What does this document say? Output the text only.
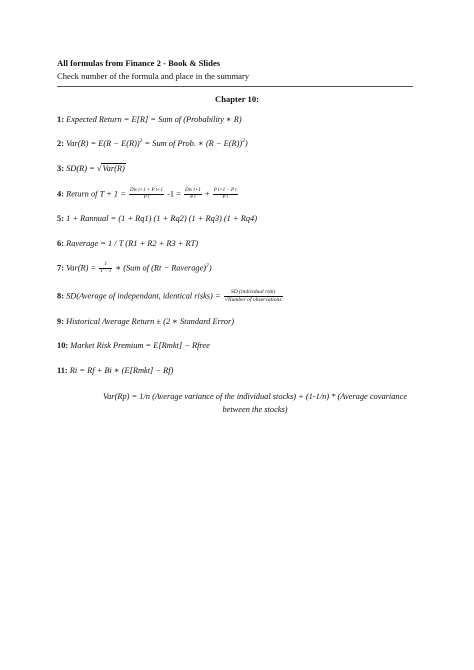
All formulas from Finance 2 - Book & Slides
Check number of the formula and place in the summary
Chapter 10:
1: Expected Return = E[R] = Sum of (Probability ∗ R)
2: $Var(R) = E(R - E(R))^2$ = Sum of Prob. ∗ $(R - E(R))^2$)
3: SD(R) = √Var(R)
4: Return of $T + 1 = \frac{\text{Div t+1 + P t+1}}{\text{P t}} -1 = \frac{\text{Div t+1}}{\text{P t}} + \frac{\text{P t+1 − P t}}{\text{P t}}$
5: 1 + Rannual = (1 + Rq1) (1 + Rq2) (1 + Rq3) (1 + Rq4)
6: Raverage = 1 / T (R1 + R2 + R3 + RT)
7: $Var(R) = \frac{1}{T - 1}$ ∗ (Sum of (Rt − Raverage)$^2$)
8: SD(Average of independant, identical risks) = $\frac{\text{SD (individual risk)}}{\text{√Number of observations}}$
9: Historical Average Return ± (2 ∗ Standard Error)
10: Market Risk Premium = E[Rmkt] − Rfree
11: Ri = Rf + Bi ∗ (E[Rmkt] − Rf)
Var(Rp) = 1/n (Average variance of the individual stocks) + (1-1/n) * (Average covariance
between the stocks)
